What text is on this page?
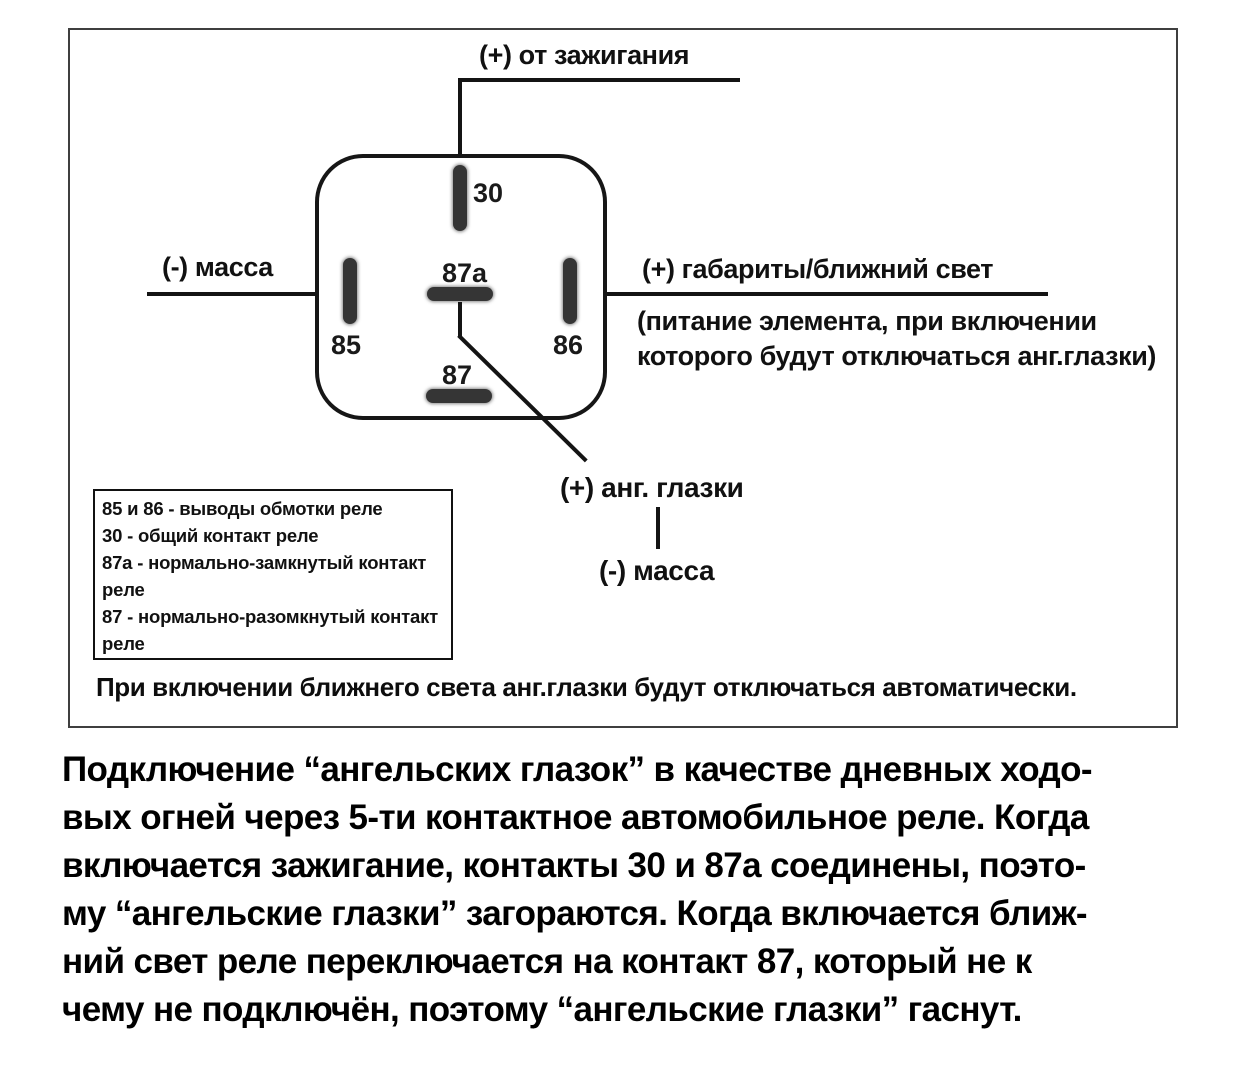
(+) от зажигания
(-) масса	(+) габариты/ближний свет
(питание элемента, при включении
которого будут отключаться анг.глазки)
30
85	86
87а
87
(+) анг. глазки
(-) масса
85 и 86 - выводы обмотки реле
30 - общий контакт реле
87а - нормально-замкнутый контакт
реле
87 - нормально-разомкнутый контакт
реле
При включении ближнего света анг.глазки будут отключаться автоматически.
Подключение “ангельских глазок” в качестве дневных ходо-
вых огней через 5-ти контактное автомобильное реле. Когда
включается зажигание, контакты 30 и 87а соединены, поэто-
му “ангельские глазки” загораются. Когда включается ближ-
ний свет реле переключается на контакт 87, который не к
чему не подключён, поэтому “ангельские глазки” гаснут.
